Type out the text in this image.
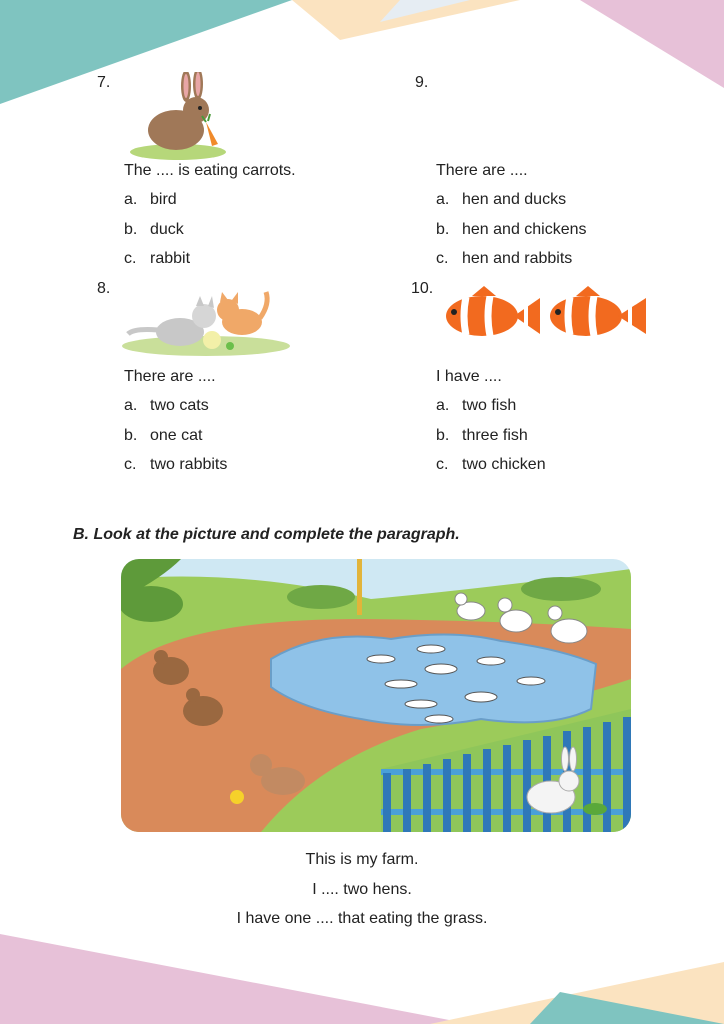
7.
The .... is eating carrots.
a. bird
b. duck
c. rabbit
8.
There are ....
a. two cats
b. one cat
c. two rabbits
9.
There are ....
a. hen and ducks
b. hen and chickens
c. hen and rabbits
10.
I have ....
a. two fish
b. three fish
c. two chicken
B. Look at the picture and complete the paragraph.
This is my farm.
I .... two hens.
I have one .... that eating the grass.
